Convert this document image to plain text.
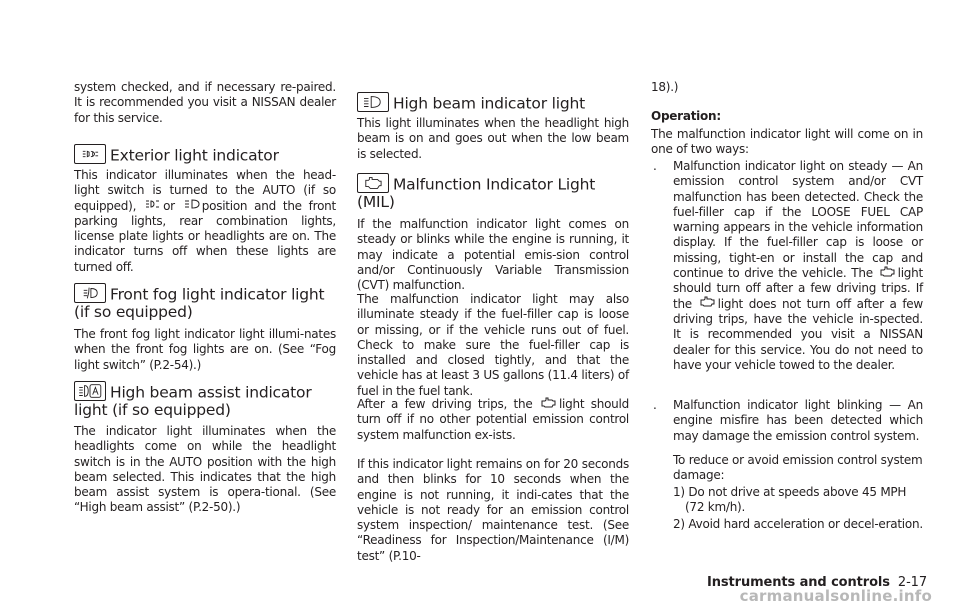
system checked, and if necessary re-paired. It is recommended you visit a NISSAN dealer for this service.

Exterior light indicator

This indicator illuminates when the head-light switch is turned to the AUTO (if so equipped), or position and the front parking lights, rear combination lights, license plate lights or headlights are on. The indicator turns off when these lights are turned off.

Front fog light indicator light
(if so equipped)

The front fog light indicator light illumi-nates when the front fog lights are on. (See “Fog light switch” (P.2-54).)

High beam assist indicator
light (if so equipped)

The indicator light illuminates when the headlights come on while the headlight switch is in the AUTO position with the high beam selected. This indicates that the high beam assist system is opera-tional. (See “High beam assist” (P.2-50).)

High beam indicator light

This light illuminates when the headlight high beam is on and goes out when the low beam is selected.

Malfunction Indicator Light
(MIL)

If the malfunction indicator light comes on steady or blinks while the engine is running, it may indicate a potential emis-sion control and/or Continuously Variable Transmission (CVT) malfunction.

The malfunction indicator light may also illuminate steady if the fuel-filler cap is loose or missing, or if the vehicle runs out of fuel. Check to make sure the fuel-filler cap is installed and closed tightly, and that the vehicle has at least 3 US gallons (11.4 liters) of fuel in the fuel tank.

After a few driving trips, the light should turn off if no other potential emission control system malfunction ex-ists.

If this indicator light remains on for 20 seconds and then blinks for 10 seconds when the engine is not running, it indi-cates that the vehicle is not ready for an emission control system inspection/ maintenance test. (See “Readiness for Inspection/Maintenance (I/M) test” (P.10-

18).)

Operation:

The malfunction indicator light will come on in one of two ways:

. Malfunction indicator light on steady — An emission control system and/or CVT malfunction has been detected. Check the fuel-filler cap if the LOOSE FUEL CAP warning appears in the vehicle information display. If the fuel-filler cap is loose or missing, tight-en or install the cap and continue to drive the vehicle. The light should turn off after a few driving trips. If the light does not turn off after a few driving trips, have the vehicle in-spected. It is recommended you visit a NISSAN dealer for this service. You do not need to have your vehicle towed to the dealer.
. Malfunction indicator light blinking — An engine misfire has been detected which may damage the emission control system.

To reduce or avoid emission control system damage:

1) Do not drive at speeds above 45 MPH (72 km/h).
2) Avoid hard acceleration or decel-eration.
Instruments and controls 2-17
carmanualsonline.info
